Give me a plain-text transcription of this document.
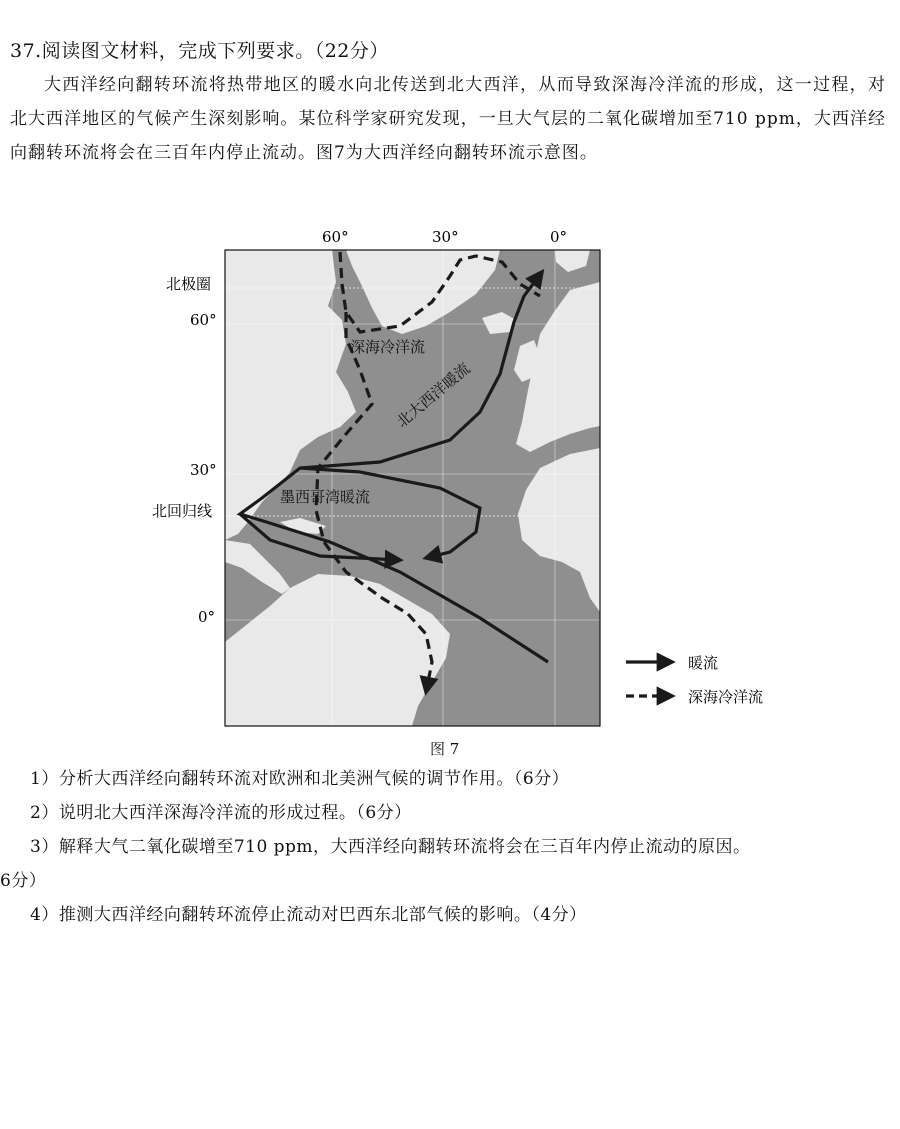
37.阅读图文材料，完成下列要求。（22分）
大西洋经向翻转环流将热带地区的暖水向北传送到北大西洋，从而导致深海冷洋流的形成，这一过程，对北大西洋地区的气候产生深刻影响。某位科学家研究发现，一旦大气层的二氧化碳增加至710 ppm，大西洋经向翻转环流将会在三百年内停止流动。图7为大西洋经向翻转环流示意图。
60°	30°	0°
北极圈
60°
30°
北回归线
0°
深海冷洋流
北大西洋暖流
墨西哥湾暖流
暖流
深海冷洋流
图 7
1）分析大西洋经向翻转环流对欧洲和北美洲气候的调节作用。（6分）
2）说明北大西洋深海冷洋流的形成过程。（6分）
3）解释大气二氧化碳增至710 ppm，大西洋经向翻转环流将会在三百年内停止流动的原因。
6分）
4）推测大西洋经向翻转环流停止流动对巴西东北部气候的影响。（4分）
